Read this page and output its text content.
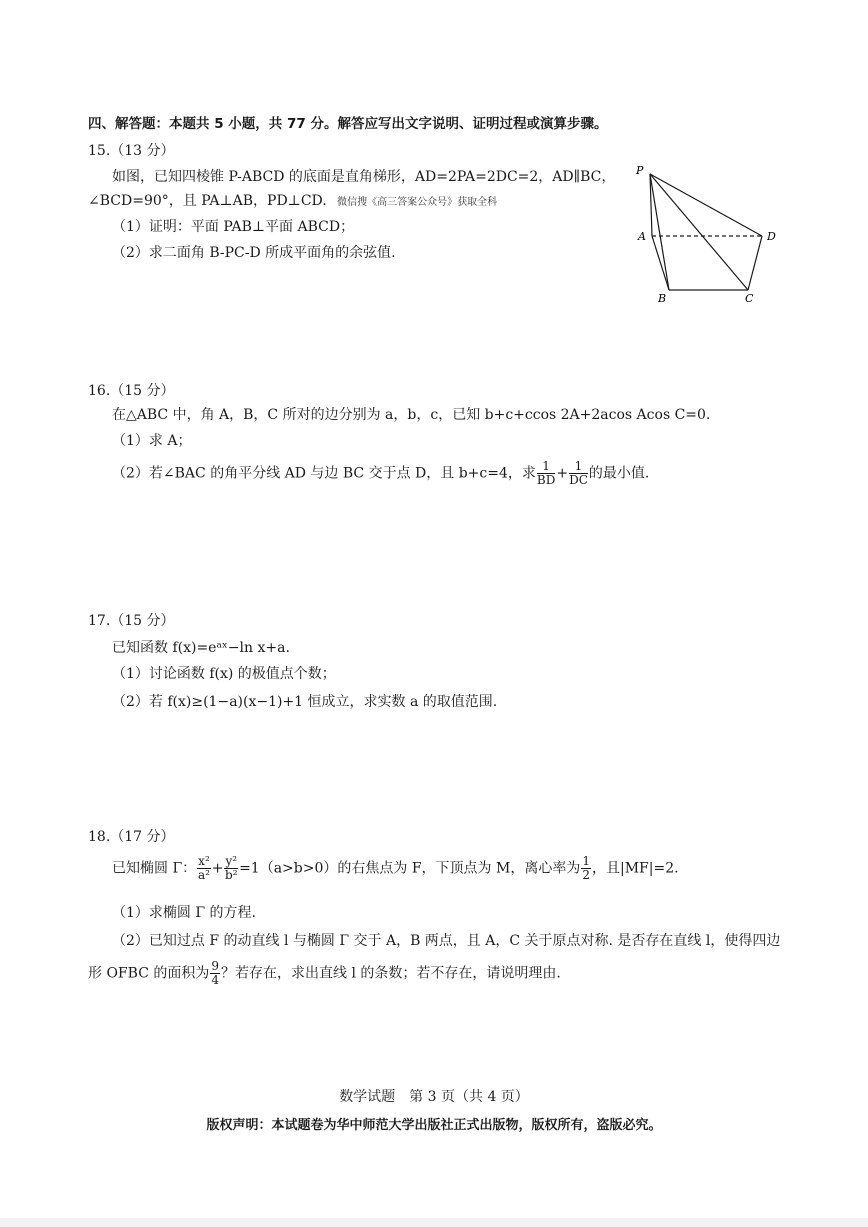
四、解答题：本题共 5 小题，共 77 分。解答应写出文字说明、证明过程或演算步骤。
15.（13 分）
如图，已知四棱锥 P-ABCD 的底面是直角梯形，AD=2PA=2DC=2，AD∥BC，
∠BCD=90°，且 PA⊥AB，PD⊥CD. 微信搜《高三答案公众号》获取全科
（1）证明：平面 PAB⊥平面 ABCD；
（2）求二面角 B-PC-D 所成平面角的余弦值.
P
A	D
B	C
16.（15 分）
在△ABC 中，角 A，B，C 所对的边分别为 a，b，c，已知 b+c+ccos 2A+2acos Acos C=0.
（1）求 A；
（2）若∠BAC 的角平分线 AD 与边 BC 交于点 D，且 b+c=4，求 $\frac{1}{BD} + \frac{1}{DC}$ 的最小值.
17.（15 分）
已知函数 f(x)=eᵃˣ−ln x+a.
（1）讨论函数 f(x) 的极值点个数；
（2）若 f(x)≥(1−a)(x−1)+1 恒成立，求实数 a 的取值范围.
18.（17 分）
已知椭圆 Γ： $\frac{\text{x²}}{\text{a²}} + \frac{\text{y²}}{\text{b²}} =1(a>b>0)$的右焦点为 F，下顶点为 M，离心率为 $\frac{1}{2}$ ，且|MF|=2.
（1）求椭圆 Γ 的方程.
（2）已知过点 F 的动直线 l 与椭圆 Γ 交于 A，B 两点，且 A，C 关于原点对称. 是否存在直线 l，使得四边
形 OFBC 的面积为 $\frac{9}{4}$ ？若存在，求出直线 l 的条数；若不存在，请说明理由.
数学试题　第 3 页（共 4 页）
版权声明：本试题卷为华中师范大学出版社正式出版物，版权所有，盗版必究。
